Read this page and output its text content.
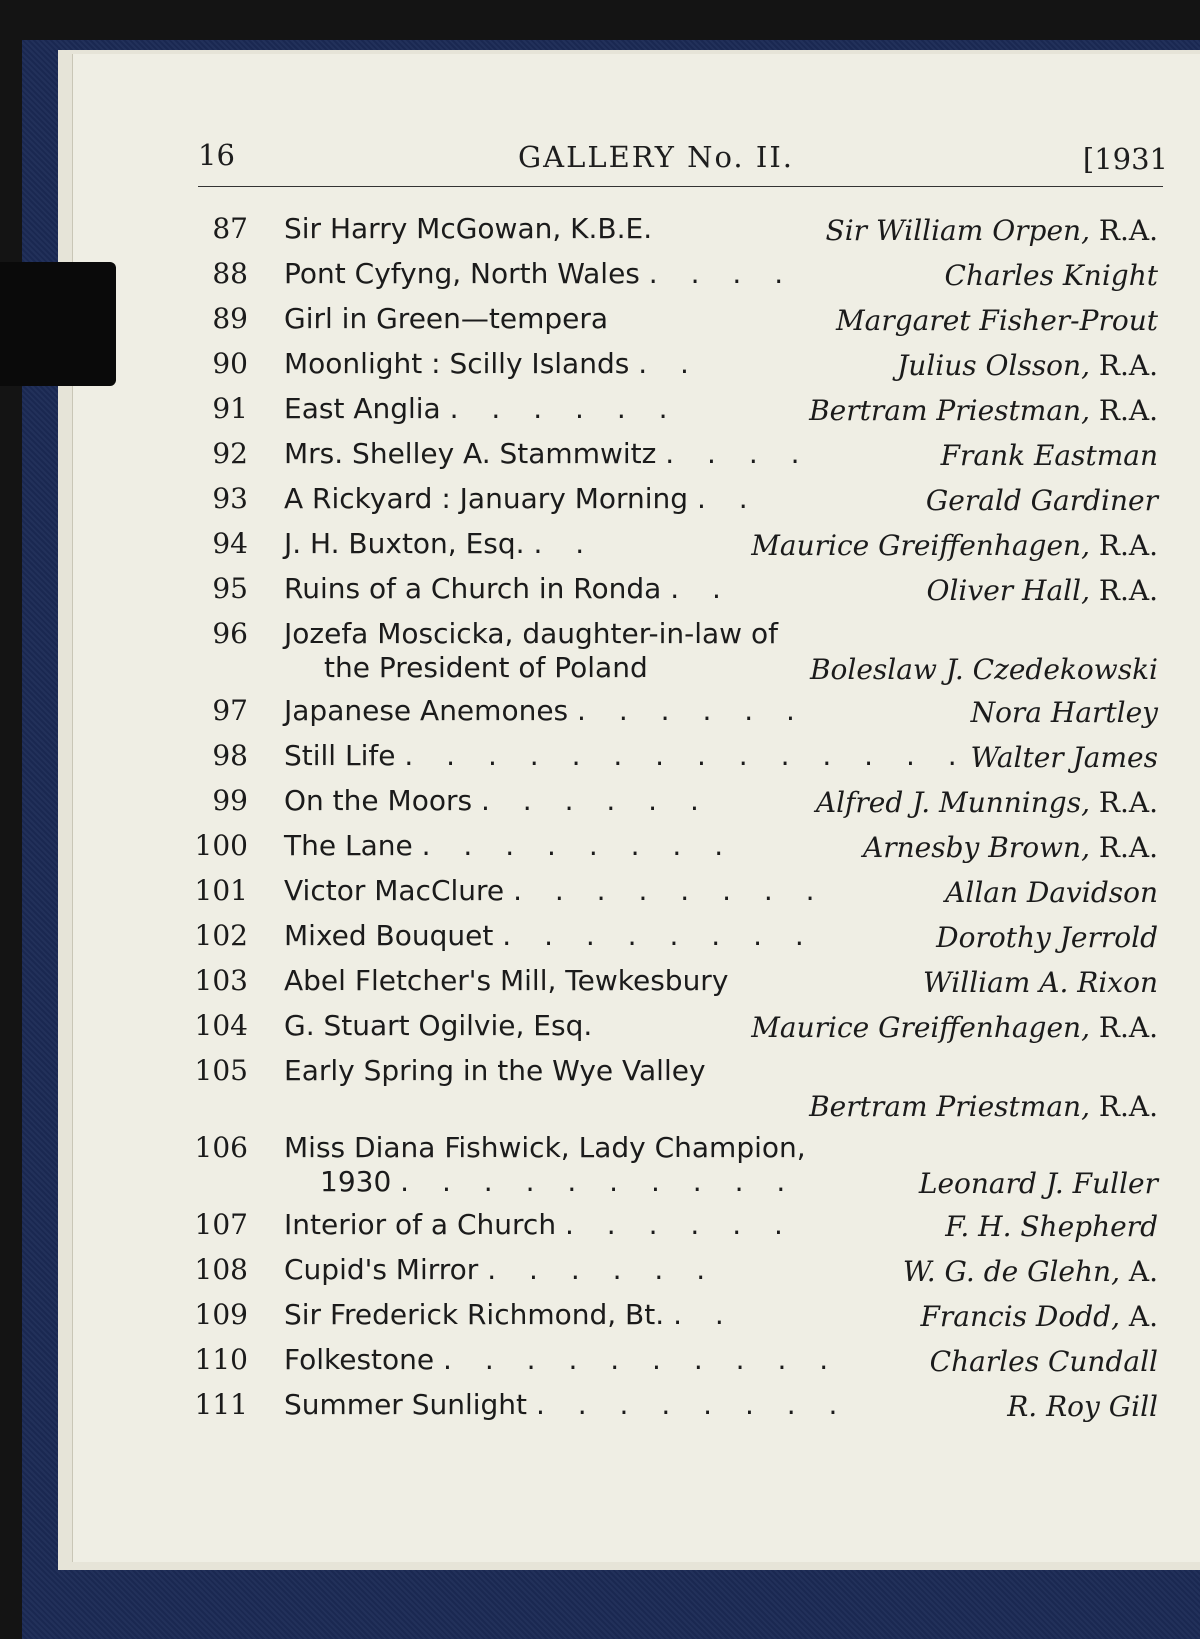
16	GALLERY No. II.	[1931
87 Sir Harry McGowan, K.B.E.	Sir William Orpen, R.A.
88 Pont Cyfyng, North Wales . . . .	Charles Knight
89 Girl in Green—tempera	Margaret Fisher-Prout
90 Moonlight : Scilly Islands . .	Julius Olsson, R.A.
91 East Anglia . . . . . .	Bertram Priestman, R.A.
92 Mrs. Shelley A. Stammwitz . . . .	Frank Eastman
93 A Rickyard : January Morning . .	Gerald Gardiner
94 J. H. Buxton, Esq. . .	Maurice Greiffenhagen, R.A.
95 Ruins of a Church in Ronda . .	Oliver Hall, R.A.
96 Jozefa Moscicka, daughter-in-law of
the President of Poland	Boleslaw J. Czedekowski
97 Japanese Anemones . . . . . .	Nora Hartley
98 Still Life . . . . . . . . . . . . . . Walter James
99 On the Moors . . . . . .	Alfred J. Munnings, R.A.
100 The Lane . . . . . . . .	Arnesby Brown, R.A.
101 Victor MacClure . . . . . . . .	Allan Davidson
102 Mixed Bouquet . . . . . . . .	Dorothy Jerrold
103 Abel Fletcher's Mill, Tewkesbury	William A. Rixon
104 G. Stuart Ogilvie, Esq.	Maurice Greiffenhagen, R.A.
105 Early Spring in the Wye Valley
Bertram Priestman, R.A.
106 Miss Diana Fishwick, Lady Champion,
1930 . . . . . . . . . .	Leonard J. Fuller
107 Interior of a Church . . . . . .	F. H. Shepherd
108 Cupid's Mirror . . . . . .	W. G. de Glehn, A.
109 Sir Frederick Richmond, Bt. . .	Francis Dodd, A.
110 Folkestone . . . . . . . . . .	Charles Cundall
111 Summer Sunlight . . . . . . . .	R. Roy Gill
